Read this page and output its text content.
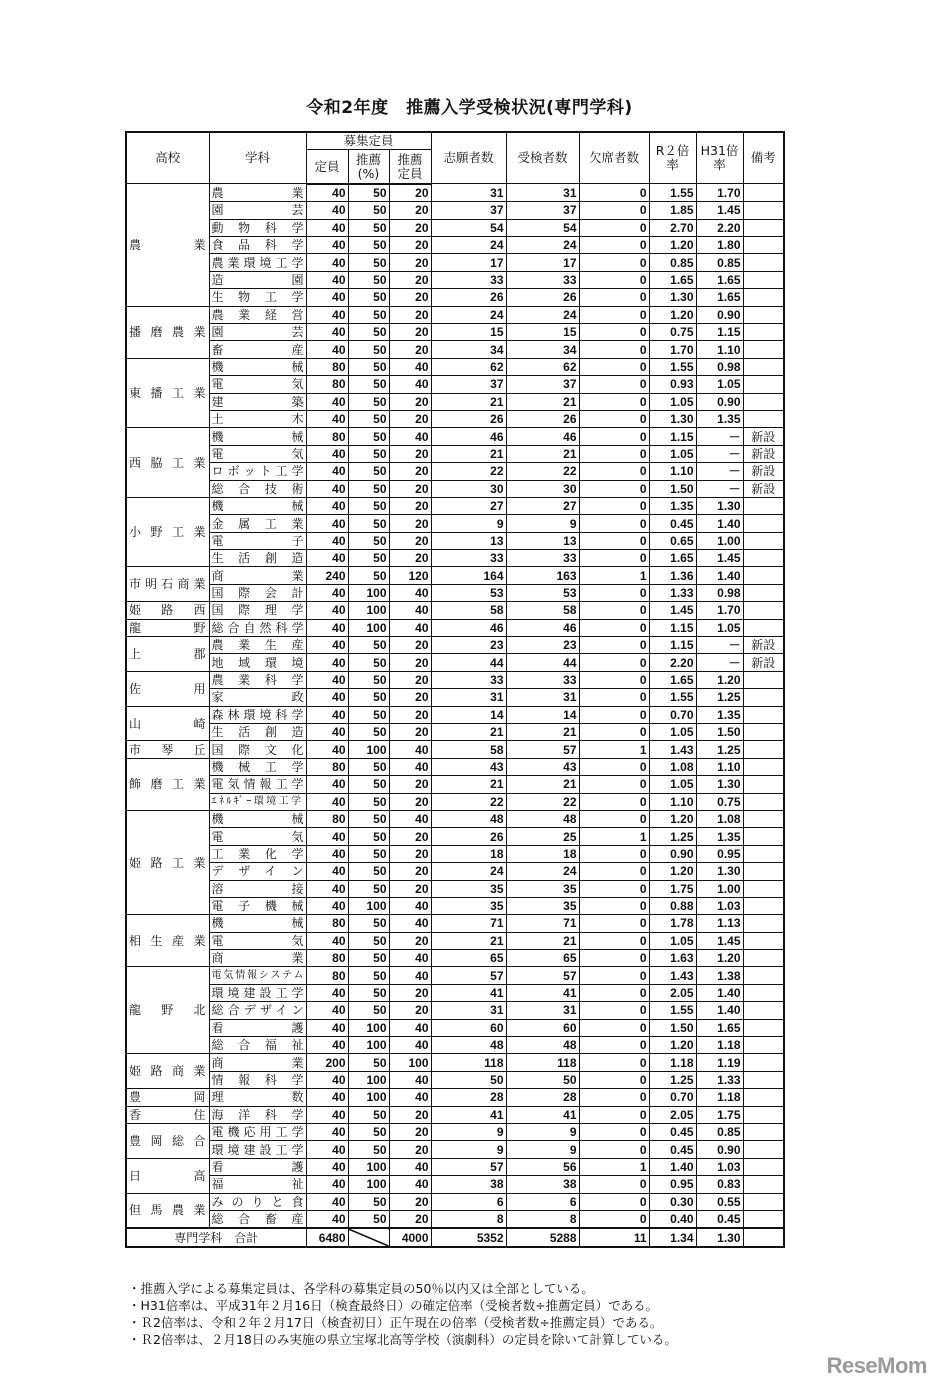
令和2年度　推薦入学受検状況(専門学科)
高校	学科	募集定員			志願者数	受検者数	欠席者数	R２倍率	H31倍率	備考
		定員	推薦(%)	推薦定員						
農　業	農業	40	50	20	31	31	0	1.55	1.70	
	園芸	40	50	20	37	37	0	1.85	1.45	
	動物科学	40	50	20	54	54	0	2.70	2.20	
	食品科学	40	50	20	24	24	0	1.20	1.80	
	農業環境工学	40	50	20	17	17	0	0.85	0.85	
	造園	40	50	20	33	33	0	1.65	1.65	
	生物工学	40	50	20	26	26	0	1.30	1.65	
播磨農業	農業経営	40	50	20	24	24	0	1.20	0.90	
	園芸	40	50	20	15	15	0	0.75	1.15	
	畜産	40	50	20	34	34	0	1.70	1.10	
東播工業	機械	80	50	40	62	62	0	1.55	0.98	
	電気	80	50	40	37	37	0	0.93	1.05	
	建築	40	50	20	21	21	0	1.05	0.90	
	土木	40	50	20	26	26	0	1.30	1.35	
西脇工業	機械	80	50	40	46	46	0	1.15	－	新設
	電気	40	50	20	21	21	0	1.05	－	新設
	ロボット工学	40	50	20	22	22	0	1.10	－	新設
	総合技術	40	50	20	30	30	0	1.50	－	新設
小野工業	機械	40	50	20	27	27	0	1.35	1.30	
	金属工業	40	50	20	9	9	0	0.45	1.40	
	電子	40	50	20	13	13	0	0.65	1.00	
	生活創造	40	50	20	33	33	0	1.65	1.45	
市明石商業	商業	240	50	120	164	163	1	1.36	1.40	
	国際会計	40	100	40	53	53	0	1.33	0.98	
姫路西	国際理学	40	100	40	58	58	0	1.45	1.70	
龍野	総合自然科学	40	100	40	46	46	0	1.15	1.05	
上郡	農業生産	40	50	20	23	23	0	1.15	－	新設
	地域環境	40	50	20	44	44	0	2.20	－	新設
佐用	農業科学	40	50	20	33	33	0	1.65	1.20	
	家政	40	50	20	31	31	0	1.55	1.25	
山崎	森林環境科学	40	50	20	14	14	0	0.70	1.35	
	生活創造	40	50	20	21	21	0	1.05	1.50	
市琴丘	国際文化	40	100	40	58	57	1	1.43	1.25	
飾磨工業	機械工学	80	50	40	43	43	0	1.08	1.10	
	電気情報工学	40	50	20	21	21	0	1.05	1.30	
	ｴﾈﾙｷﾞｰ環境工学	40	50	20	22	22	0	1.10	0.75	
姫路工業	機械	80	50	40	48	48	0	1.20	1.08	
	電気	40	50	20	26	25	1	1.25	1.35	
	工業化学	40	50	20	18	18	0	0.90	0.95	
	デザイン	40	50	20	24	24	0	1.20	1.30	
	溶接	40	50	20	35	35	0	1.75	1.00	
	電子機械	40	100	40	35	35	0	0.88	1.03	
相生産業	機械	80	50	40	71	71	0	1.78	1.13	
	電気	40	50	20	21	21	0	1.05	1.45	
	商業	80	50	40	65	65	0	1.63	1.20	
龍野北	電気情報システム	80	50	40	57	57	0	1.43	1.38	
	環境建設工学	40	50	20	41	41	0	2.05	1.40	
	総合デザイン	40	50	20	31	31	0	1.55	1.40	
	看護	40	100	40	60	60	0	1.50	1.65	
	総合福祉	40	100	40	48	48	0	1.20	1.18	
姫路商業	商業	200	50	100	118	118	0	1.18	1.19	
	情報科学	40	100	40	50	50	0	1.25	1.33	
豊岡	理数	40	100	40	28	28	0	0.70	1.18	
香住	海洋科学	40	50	20	41	41	0	2.05	1.75	
豊岡総合	電機応用工学	40	50	20	9	9	0	0.45	0.85	
	環境建設工学	40	50	20	9	9	0	0.45	0.90	
日高	看護	40	100	40	57	56	1	1.40	1.03	
	福祉	40	100	40	38	38	0	0.95	0.83	
但馬農業	みのりと食	40	50	20	6	6	0	0.30	0.55	
	総合畜産	40	50	20	8	8	0	0.40	0.45	
専門学科　合計		6480		4000	5352	5288	11	1.34	1.30	
・推薦入学による募集定員は、各学科の募集定員の50％以内又は全部としている。
・H31倍率は、平成31年２月16日（検査最終日）の確定倍率（受検者数÷推薦定員）である。
・Ｒ2倍率は、令和２年２月17日（検査初日）正午現在の倍率（受検者数÷推薦定員）である。
・Ｒ2倍率は、２月18日のみ実施の県立宝塚北高等学校（演劇科）の定員を除いて計算している。
ReseMom
